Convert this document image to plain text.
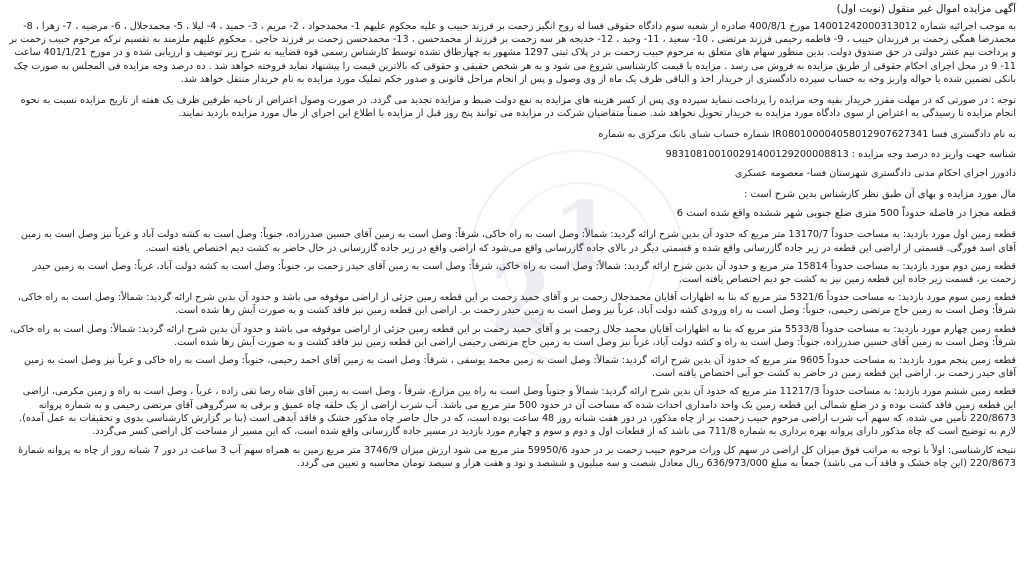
1
2
آگهی مزایده اموال غیر منقول (نوبت اول)
به موجب اجرائیه شماره 14001242000313012 مورخ 400/8/1 صادره از شعبه سوم دادگاه حقوقی فسا له روح انگیز زحمت بر فرزند حبیب و علیه محکوم علیهم 1- محمد‌جواد ، 2- مریم ، 3- حمید ، 4- لیلا ، 5- محمد‌جلال ، 6- مرضیه ، 7- زهرا ، 8- محمد‌رضا همگی زحمت بر فرزندان حبیب ، 9- فاطمه رحیمی فرزند مرتضی ، 10- سعید ، 11- وحید ، 12- خدیجه هر سه زحمت بر فرزند از محمد‌حسن ، 13- محمد‌حسن زحمت بر فرزند حاجی . محکوم علیهم ملزمند به تقسیم ترکه مرحوم حبیب زحمت بر و پرداخت نیم عشر دولتی در حق صندوق دولت. بدین منظور سهام های متعلق به مرحوم حبیب زحمت بر در پلاک ثبتی 1297 مشهور به چهارطاق تشده توسط کارشناس رسمی قوه قضاییه به شرح زیر توصیف و ارزیابی شده و در مورخ 401/1/21 ساعت 11- 9 در محل اجرای احکام حقوقی از طریق مزایده به فروش می رسد . مزایده با قیمت کارشناسی شروع می شود و به هر شخص حقیقی و حقوقی که بالاترین قیمت را پیشنهاد نماید فروخته خواهد شد . ده درصد وجه مزایده فی المجلس به صورت چک بانکی تضمین شده یا حواله واریز وجه به حساب سپرده دادگستری از خریدار اخذ و الباقی ظرف یک ماه از وی وصول و پس از انجام مراحل قانونی و صدور حکم تملیک مورد مزایده به نام خریدار منتقل خواهد شد.
توجه : در صورتی که در مهلت مقرر خریدار بقیه وجه مزایده را پرداخت ننماید سپرده وی پس از کسر هزینه های مزایده به نفع دولت ضبط و مزایده تجدید می گردد. در صورت وصول اعتراض از ناحیه طرفین ظرف یک هفته از تاریخ مزایده نسبت به نحوه انجام مزایده تا رسیدگی به اعتراض از سوی دادگاه مورد مزایده به خریدار تحویل نخواهد شد. ضمناً متقاضیان شرکت در مزایده می توانند پنج روز قبل از مزایده با اطلاع این اجرای از مال مورد مزایده بازدید نمایند.
به نام دادگستری فسا IR080100004058012907627341 شماره حساب شبای بانک مرکزی به شماره
شناسه جهت واریز ده درصد وجه مزایده : 983108100100291400129200008813
دادورز اجرای احکام مدنی دادگستری شهرستان فسا- معصومه عسکری
مال مورد مزایده و بهای آن طبق نظر کارشناس بدین شرح است :
قطعه مجزا در فاصله حدوداً 500 متری ضلع جنوبی شهر ششده واقع شده است 6
قطعه زمین اول مورد بازدید: به مساحت حدوداً 13170/7 متر مربع که حدود آن بدین شرح ارائه گردید: شمالاً: وصل است به راه خاکی، شرقاً: وصل است به زمین آقای حسین صدرزاده، جنوباً: وصل است به کشه دولت آباد و غرباً نیز وصل است به زمین آقای اسد فورگی. قسمتی از اراضی این قطعه در زیر جاده گازرسانی واقع شده و قسمتی دیگر در بالای جاده گازرسانی واقع می‌شود که اراضی واقع در زیر جاده گازرسانی در حال حاضر به کشت دیم اختصاص یافته است.
قطعه زمین دوم مورد بازدید: به مساحت حدوداً 15814 متر مربع و حدود آن بدین شرح ارائه گردید: شمالاً: وصل است به راه خاکی، شرقاً: وصل است به زمین آقای حیدر زحمت بر، جنوباً: وصل است به کشه دولت آباد، غرباً: وصل است به زمین حیدر زحمت بر، قسمت زیر جاده این قطعه زمین نیز به کشت جو دیم اختصاص یافته است.
قطعه زمین سوم مورد بازدید: به مساحت حدوداً 5321/6 متر مربع که بنا به اظهارات آقایان محمد‌جلال زحمت بر و آقای حمید زحمت بر این قطعه زمین جزئی از اراضی موقوفه می باشد و حدود آن بدین شرح ارائه گردید: شمالاً: وصل است به راه خاکی، شرقاً: وصل است به زمین حاج مرتضی رحیمی، جنوباً: وصل است به راه ورودی کشه دولت آباد، غرباً نیز وصل است به زمین حیدر زحمت بر. اراضی این قطعه زمین نیز فاقد کشت و به صورت آیش رها شده است.
قطعه زمین چهارم مورد بازدید: به مساحت حدوداً 5533/8 متر مربع که بنا به اظهارات آقایان محمد جلال زحمت بر و آقای حمید زحمت بر این قطعه زمین جزئی از اراضی موقوفه می باشد و حدود آن بدین شرح ارائه گردید: شمالاً: وصل است به راه خاکی، شرقاً: وصل است به زمین آقای حسین صدرزاده، جنوباً: وصل است به راه و کشه دولت آباد، غرباً نیز وصل است به زمین حاج مرتضی رحیمی اراضی این قطعه زمین نیز فاقد کشت و به صورت آیش رها شده است.
قطعه زمین پنجم مورد بازدید: به مساحت حدوداً 9605 متر مربع که حدود آن بدین شرح ارائه گردید: شمالاً: وصل است به زمین محمد یوسفی ، شرقاً: وصل است به زمین آقای احمد رحیمی، جنوباً: وصل است به راه خاکی و غرباً نیز وصل است به زمین آقای حیدر زحمت بر. اراضی این قطعه زمین در حاضر به کشت جو آبی اختصاص یافته است.
قطعه زمین ششم مورد بازدید: به مساحت حدوداً 11217/3 متر مربع که حدود آن بدین شرح ارائه گردید: شمالاً و جنوباً وصل است به راه بین مزارع، شرقاً ، وصل است به زمین آقای شاه رضا تقی زاده ، غرباً ، وصل است به راه و زمین مکرمی، اراضی این قطعه زمین فاقد کشت بوده و در ضلع شمالی این قطعه زمین یک واحد دامداری احداث شده که مساحت آن در حدود 500 متر مربع می باشد. آب شرب اراضی از یک حلقه چاه عمیق و برقی به سرگروهی آقای مرتضی رحیمی و به شماره پروانه 220/8673 تأمین می شده، که سهم آب شرب اراضی مرحوم حبیب زحمت بر از چاه مذکور، در دور هفت شبانه روز 48 ساعت بوده است، که در حال حاضر چاه مذکور خشک و فاقد آبدهی است (بنا بر گزارش کارشناسی بدوی و تحقیقات به عمل آمده). لازم به توضیح است که چاه مذکور دارای پروانه بهره برداری به شماره 711/8 می باشد که از قطعات اول و دوم و سوم و چهارم مورد بازدید در مسیر جاده گازرسانی واقع شده است، که این مسیر از مساحت کل اراضی کسر می‌گردد.
نتیجه کارشناسی: اولاً با توجه به مراتب فوق میزان کل اراضی در سهم کل وراث مرحوم حبیب زحمت بر در حدود 59950/6 متر مربع می شود ارزش میزان 3746/9 متر مربع زمین به همراه سهم آب 3 ساعت در دور 7 شبانه روز از چاه به پروانه شمارهٔ 220/8673 (این چاه خشک و فاقد آب می باشد) جمعاً به مبلغ 636/973/000 ریال معادل شصت و سه میلیون و ششصد و نود و هفت هزار و سیصد تومان محاسبه و تعیین می گردد.
